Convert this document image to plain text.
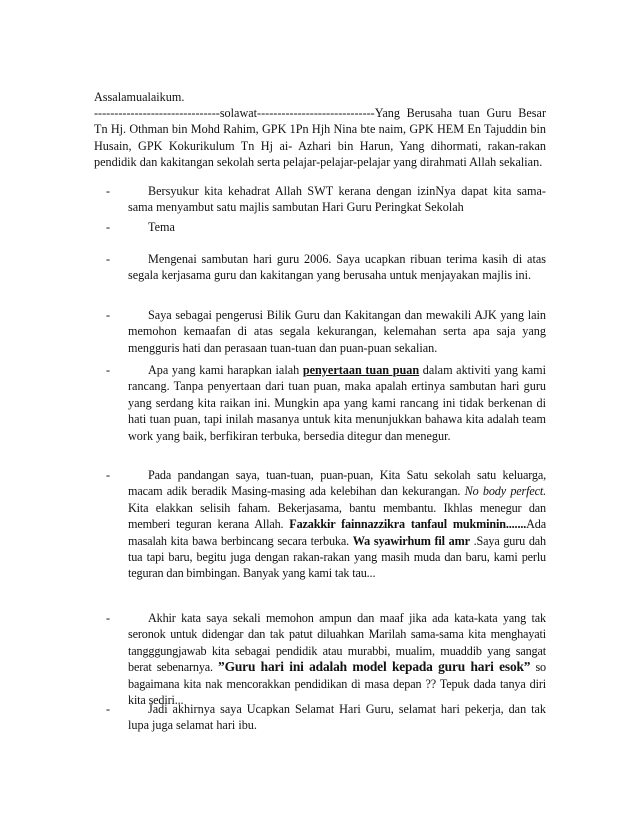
Assalamualaikum.
-------------------------------solawat-----------------------------Yang Berusaha tuan Guru Besar Tn Hj. Othman bin Mohd Rahim, GPK 1Pn Hjh Nina bte naim, GPK HEM En Tajuddin bin Husain, GPK Kokurikulum Tn Hj ai- Azhari bin Harun, Yang dihormati, rakan-rakan pendidik dan kakitangan sekolah serta pelajar-pelajar-pelajar yang dirahmati Allah sekalian.
-	Bersyukur kita kehadrat Allah SWT kerana dengan izinNya dapat kita sama-sama menyambut satu majlis sambutan Hari Guru Peringkat Sekolah
-	Tema
-	Mengenai sambutan hari guru 2006. Saya ucapkan ribuan terima kasih di atas segala kerjasama guru dan kakitangan yang berusaha untuk menjayakan majlis ini.
-	Saya sebagai pengerusi Bilik Guru dan Kakitangan dan mewakili AJK yang lain memohon kemaafan di atas segala kekurangan, kelemahan serta apa saja yang mengguris hati dan perasaan tuan-tuan dan puan-puan sekalian.
-	Apa yang kami harapkan ialah penyertaan tuan puan dalam aktiviti yang kami rancang. Tanpa penyertaan dari tuan puan, maka apalah ertinya sambutan hari guru yang serdang kita raikan ini. Mungkin apa yang kami rancang ini tidak berkenan di hati tuan puan, tapi inilah masanya untuk kita menunjukkan bahawa kita adalah team work yang baik, berfikiran terbuka, bersedia ditegur dan menegur.
-	Pada pandangan saya, tuan-tuan, puan-puan, Kita Satu sekolah satu keluarga, macam adik beradik Masing-masing ada kelebihan dan kekurangan. No body perfect. Kita elakkan selisih faham. Bekerjasama, bantu membantu. Ikhlas menegur dan memberi teguran kerana Allah. Fazakkir fainnazzikra tanfaul mukminin.......Ada masalah kita bawa berbincang secara terbuka. Wa syawirhum fil amr .Saya guru dah tua tapi baru, begitu juga dengan rakan-rakan yang masih muda dan baru, kami perlu teguran dan bimbingan. Banyak yang kami tak tau...
-	Akhir kata saya sekali memohon ampun dan maaf jika ada kata-kata yang tak seronok untuk didengar dan tak patut diluahkan Marilah sama-sama kita menghayati tangggungjawab kita sebagai pendidik atau murabbi, mualim, muaddib yang sangat berat sebenarnya. ”Guru hari ini adalah model kepada guru hari esok” so bagaimana kita nak mencorakkan pendidikan di masa depan ?? Tepuk dada tanya diri kita sediri...
-	Jadi akhirnya saya Ucapkan Selamat Hari Guru, selamat hari pekerja, dan tak lupa juga selamat hari ibu.
